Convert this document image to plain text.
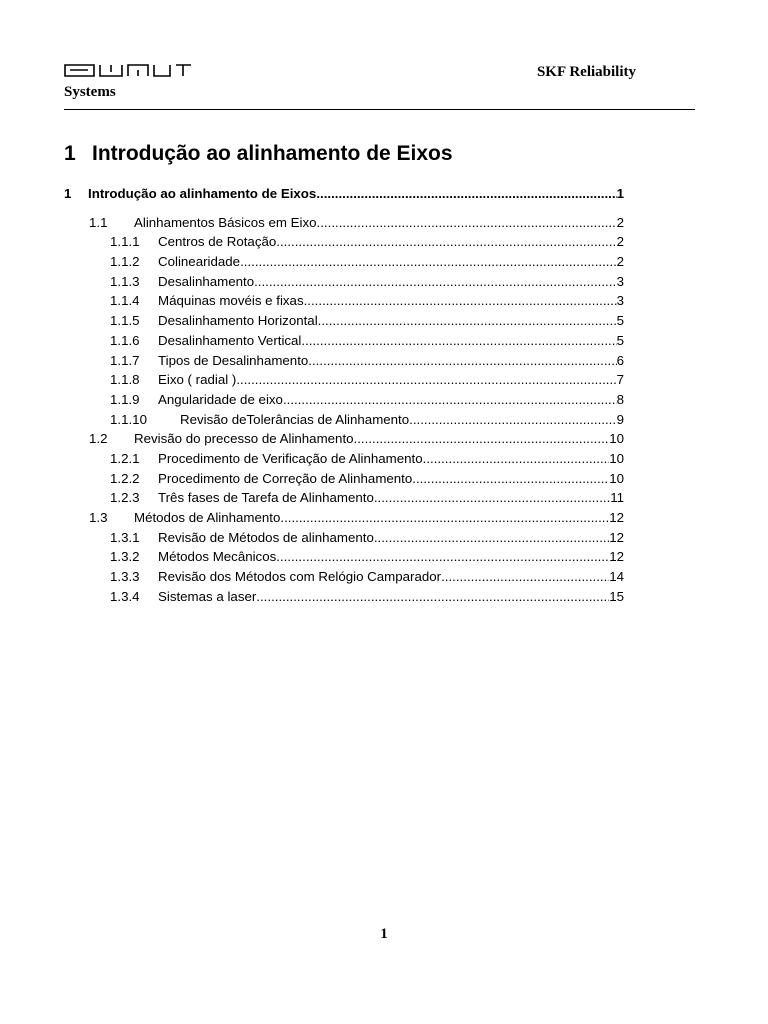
SKF Reliability
Systems
1 Introdução ao alinhamento de Eixos
1	Introdução ao alinhamento de Eixos .....	1
1.1	Alinhamentos Básicos em Eixo .....	2
1.1.1	Centros de Rotação .....	2
1.1.2	Colinearidade .....	2
1.1.3	Desalinhamento .....	3
1.1.4	Máquinas movéis e fixas .....	3
1.1.5	Desalinhamento Horizontal .....	5
1.1.6	Desalinhamento Vertical .....	5
1.1.7	Tipos de Desalinhamento .....	6
1.1.8	Eixo ( radial ) .....	7
1.1.9	Angularidade de eixo .....	8
1.1.10	Revisão deTolerâncias de Alinhamento .....	9
1.2	Revisão do precesso de Alinhamento .....	10
1.2.1	Procedimento de Verificação de Alinhamento .....	10
1.2.2	Procedimento de Correção de Alinhamento .....	10
1.2.3	Três fases de Tarefa de Alinhamento .....	11
1.3	Métodos de Alinhamento .....	12
1.3.1	Revisão de Métodos de alinhamento .....	12
1.3.2	Métodos Mecânicos .....	12
1.3.3	Revisão dos Métodos com Relógio Camparador .....	14
1.3.4	Sistemas a laser .....	15
1
